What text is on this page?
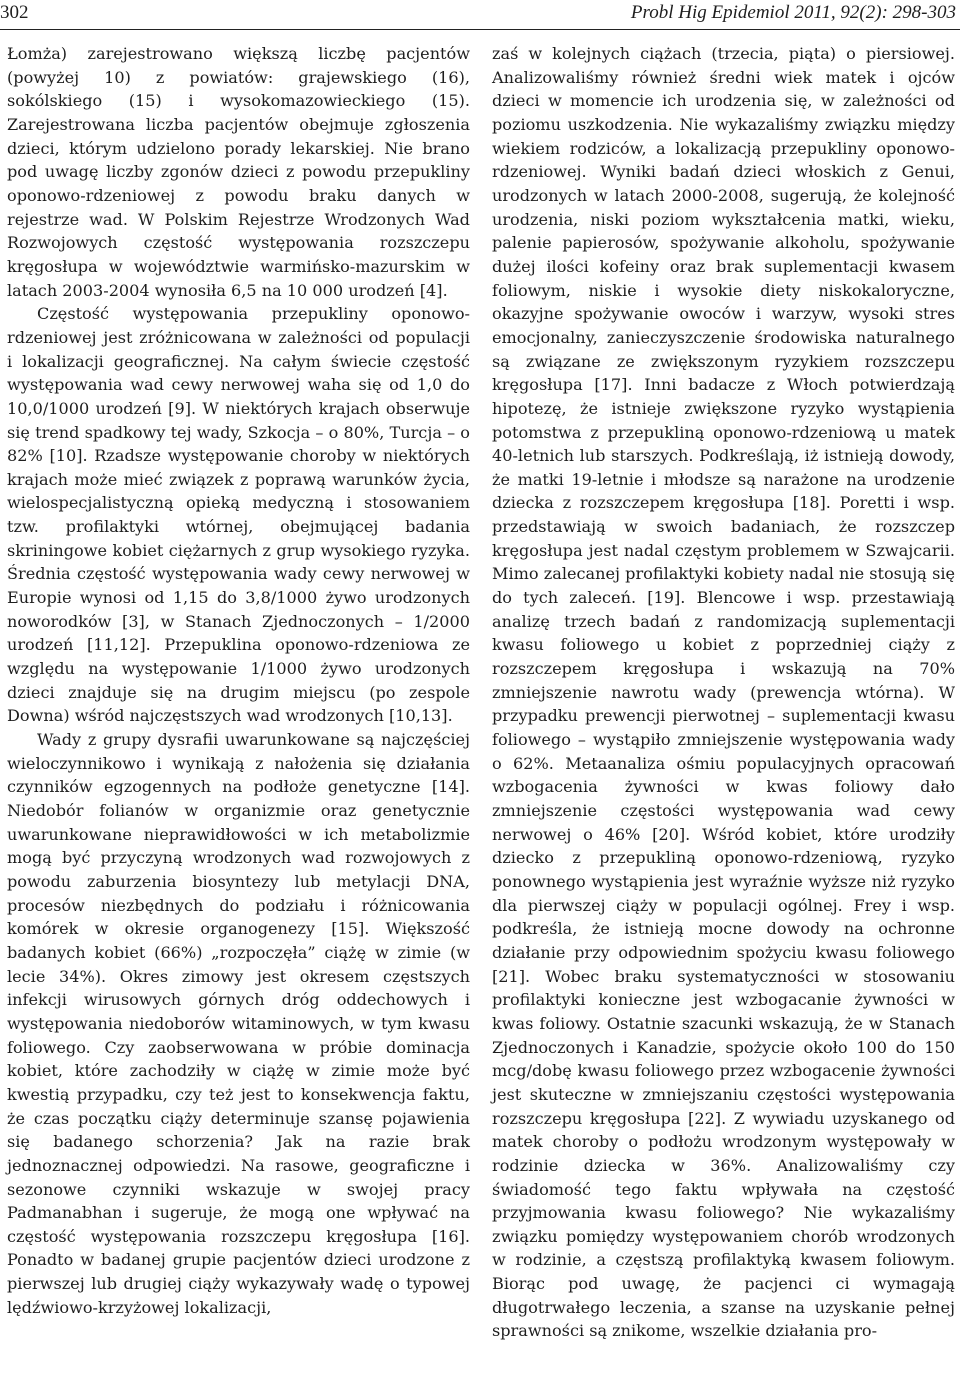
302	Probl Hig Epidemiol 2011, 92(2): 298-303

Łomża) zarejestrowano większą liczbę pacjentów (powyżej 10) z powiatów: grajewskiego (16), sokólskiego (15) i wysokomazowieckiego (15). Zarejestrowana liczba pacjentów obejmuje zgłoszenia dzieci, którym udzielono porady lekarskiej. Nie brano pod uwagę liczby zgonów dzieci z powodu przepukliny oponowo-rdzeniowej z powodu braku danych w rejestrze wad. W Polskim Rejestrze Wrodzonych Wad Rozwojowych częstość występowania rozszczepu kręgosłupa w województwie warmińsko-mazurskim w latach 2003-2004 wynosiła 6,5 na 10 000 urodzeń [4].

Częstość występowania przepukliny oponowo-rdzeniowej jest zróżnicowana w zależności od populacji i lokalizacji geograficznej. Na całym świecie częstość występowania wad cewy nerwowej waha się od 1,0 do 10,0/1000 urodzeń [9]. W niektórych krajach obserwuje się trend spadkowy tej wady, Szkocja – o 80%, Turcja – o 82% [10]. Rzadsze występowanie choroby w niektórych krajach może mieć związek z poprawą warunków życia, wielospecjalistyczną opieką medyczną i stosowaniem tzw. profilaktyki wtórnej, obejmującej badania skriningowe kobiet ciężarnych z grup wysokiego ryzyka. Średnia częstość występowania wady cewy nerwowej w Europie wynosi od 1,15 do 3,8/1000 żywo urodzonych noworodków [3], w Stanach Zjednoczonych – 1/2000 urodzeń [11,12]. Przepuklina oponowo-rdzeniowa ze względu na występowanie 1/1000 żywo urodzonych dzieci znajduje się na drugim miejscu (po zespole Downa) wśród najczęstszych wad wrodzonych [10,13].

Wady z grupy dysrafii uwarunkowane są najczęściej wieloczynnikowo i wynikają z nałożenia się działania czynników egzogennych na podłoże genetyczne [14]. Niedobór folianów w organizmie oraz genetycznie uwarunkowane nieprawidłowości w ich metabolizmie mogą być przyczyną wrodzonych wad rozwojowych z powodu zaburzenia biosyntezy lub metylacji DNA, procesów niezbędnych do podziału i różnicowania komórek w okresie organogenezy [15]. Większość badanych kobiet (66%) „rozpoczęła” ciążę w zimie (w lecie 34%). Okres zimowy jest okresem częstszych infekcji wirusowych górnych dróg oddechowych i występowania niedoborów witaminowych, w tym kwasu foliowego. Czy zaobserwowana w próbie dominacja kobiet, które zachodziły w ciążę w zimie może być kwestią przypadku, czy też jest to konsekwencja faktu, że czas początku ciąży determinuje szansę pojawienia się badanego schorzenia? Jak na razie brak jednoznacznej odpowiedzi. Na rasowe, geograficzne i sezonowe czynniki wskazuje w swojej pracy Padmanabhan i sugeruje, że mogą one wpływać na częstość występowania rozszczepu kręgosłupa [16]. Ponadto w badanej grupie pacjentów dzieci urodzone z pierwszej lub drugiej ciąży wykazywały wadę o typowej lędźwiowo-krzyżowej lokalizacji,

zaś w kolejnych ciążach (trzecia, piąta) o piersiowej. Analizowaliśmy również średni wiek matek i ojców dzieci w momencie ich urodzenia się, w zależności od poziomu uszkodzenia. Nie wykazaliśmy związku między wiekiem rodziców, a lokalizacją przepukliny oponowo-rdzeniowej. Wyniki badań dzieci włoskich z Genui, urodzonych w latach 2000-2008, sugerują, że kolejność urodzenia, niski poziom wykształcenia matki, wieku, palenie papierosów, spożywanie alkoholu, spożywanie dużej ilości kofeiny oraz brak suplementacji kwasem foliowym, niskie i wysokie diety niskokaloryczne, okazyjne spożywanie owoców i warzyw, wysoki stres emocjonalny, zanieczyszczenie środowiska naturalnego są związane ze zwiększonym ryzykiem rozszczepu kręgosłupa [17]. Inni badacze z Włoch potwierdzają hipotezę, że istnieje zwiększone ryzyko wystąpienia potomstwa z przepukliną oponowo-rdzeniową u matek 40-letnich lub starszych. Podkreślają, iż istnieją dowody, że matki 19-letnie i młodsze są narażone na urodzenie dziecka z rozszczepem kręgosłupa [18]. Poretti i wsp. przedstawiają w swoich badaniach, że rozszczep kręgosłupa jest nadal częstym problemem w Szwajcarii. Mimo zalecanej profilaktyki kobiety nadal nie stosują się do tych zaleceń. [19]. Blencowe i wsp. przestawiają analizę trzech badań z randomizacją suplementacji kwasu foliowego u kobiet z poprzedniej ciąży z rozszczepem kręgosłupa i wskazują na 70% zmniejszenie nawrotu wady (prewencja wtórna). W przypadku prewencji pierwotnej – suplementacji kwasu foliowego – wystąpiło zmniejszenie występowania wady o 62%. Metaanaliza ośmiu populacyjnych opracowań wzbogacenia żywności w kwas foliowy dało zmniejszenie częstości występowania wad cewy nerwowej o 46% [20]. Wśród kobiet, które urodziły dziecko z przepukliną oponowo-rdzeniową, ryzyko ponownego wystąpienia jest wyraźnie wyższe niż ryzyko dla pierwszej ciąży w populacji ogólnej. Frey i wsp. podkreśla, że istnieją mocne dowody na ochronne działanie przy odpowiednim spożyciu kwasu foliowego [21]. Wobec braku systematyczności w stosowaniu profilaktyki konieczne jest wzbogacanie żywności w kwas foliowy. Ostatnie szacunki wskazują, że w Stanach Zjednoczonych i Kanadzie, spożycie około 100 do 150 mcg/dobę kwasu foliowego przez wzbogacenie żywności jest skuteczne w zmniejszaniu częstości występowania rozszczepu kręgosłupa [22]. Z wywiadu uzyskanego od matek choroby o podłożu wrodzonym występowały w rodzinie dziecka w 36%. Analizowaliśmy czy świadomość tego faktu wpływała na częstość przyjmowania kwasu foliowego? Nie wykazaliśmy związku pomiędzy występowaniem chorób wrodzonych w rodzinie, a częstszą profilaktyką kwasem foliowym. Biorąc pod uwagę, że pacjenci ci wymagają długotrwałego leczenia, a szanse na uzyskanie pełnej sprawności są znikome, wszelkie działania pro-
